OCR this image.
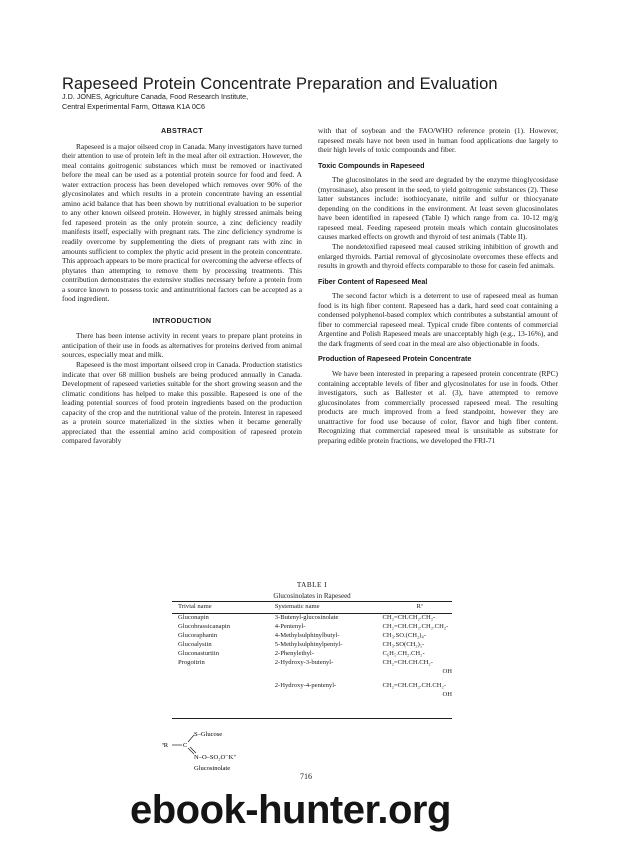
Rapeseed Protein Concentrate Preparation and Evaluation
J.D. JONES, Agriculture Canada, Food Research Institute,
Central Experimental Farm, Ottawa K1A 0C6
ABSTRACT

Rapeseed is a major oilseed crop in Canada. Many investigators have turned their attention to use of protein left in the meal after oil extraction. However, the meal contains goitrogenic substances which must be removed or inactivated before the meal can be used as a potential protein source for food and feed. A water extraction process has been developed which removes over 90% of the glycosinolates and which results in a protein concentrate having an essential amino acid balance that has been shown by nutritional evaluation to be superior to any other known oilseed protein. However, in highly stressed animals being fed rapeseed protein as the only protein source, a zinc deficiency readily manifests itself, especially with pregnant rats. The zinc deficiency syndrome is readily overcome by supplementing the diets of pregnant rats with zinc in amounts sufficient to complex the phytic acid present in the protein concentrate. This approach appears to be more practical for overcoming the adverse effects of phytates than attempting to remove them by processing treatments. This contribution demonstrates the extensive studies necessary before a protein from a source known to possess toxic and antinutritional factors can be accepted as a food ingredient.

INTRODUCTION

There has been intense activity in recent years to prepare plant proteins in anticipation of their use in foods as alternatives for proteins derived from animal sources, especially meat and milk.

Rapeseed is the most important oilseed crop in Canada. Production statistics indicate that over 68 million bushels are being produced annually in Canada. Development of rapeseed varieties suitable for the short growing season and the climatic conditions has helped to make this possible. Rapeseed is one of the leading potential sources of food protein ingredients based on the production capacity of the crop and the nutritional value of the protein. Interest in rapeseed as a protein source materialized in the sixties when it became generally appreciated that the essential amino acid composition of rapeseed protein compared favorably

with that of soybean and the FAO/WHO reference protein (1). However, rapeseed meals have not been used in human food applications due largely to their high levels of toxic compounds and fiber.

Toxic Compounds in Rapeseed

The glucosinolates in the seed are degraded by the enzyme thioglycosidase (myrosinase), also present in the seed, to yield goitrogenic substances (2). These latter substances include: isothiocyanate, nitrile and sulfur or thiocyanate depending on the conditions in the environment. At least seven glucosinolates have been identified in rapeseed (Table I) which range from ca. 10-12 mg/g rapeseed meal. Feeding rapeseed protein meals which contain glucosinolates causes marked effects on growth and thyroid of test animals (Table II).

The nondetoxified rapeseed meal caused striking inhibition of growth and enlarged thyroids. Partial removal of glycosinolate overcomes these effects and results in growth and thyroid effects comparable to those for casein fed animals.

Fiber Content of Rapeseed Meal

The second factor which is a deterrent to use of rapeseed meal as human food is its high fiber content. Rapeseed has a dark, hard seed coat containing a condensed polyphenol-based complex which contributes a substantial amount of fiber to commercial rapeseed meal. Typical crude fibre contents of commercial Argentine and Polish Rapeseed meals are unacceptably high (e.g., 13-16%), and the dark fragments of seed coat in the meal are also objectionable in foods.

Production of Rapeseed Protein Concentrate

We have been interested in preparing a rapeseed protein concentrate (RPC) containing acceptable levels of fiber and glycosinolates for use in foods. Other investigators, such as Ballester et al. (3), have attempted to remove glucosinolates from commercially processed rapeseed meal. The resulting products are much improved from a feed standpoint, however they are unattractive for food use because of color, flavor and high fiber content. Recognizing that commercial rapeseed meal is unsuitable as substrate for preparing edible protein fractions, we developed the FRI-71

TABLE I
Glucosinolates in Rapeseed
Trivial name	Systematic name	Rª
Gluconapin	3-Butenyl-glucosinolate	CH₂=CH.CH₂.CH₂-
Glucobrassicanapin	4-Pentenyl-	CH₂=CH.CH₂.CH₂.CH₂-
Glucoraphanin	4-Methylsulphinylbutyl-	CH₃.SO.(CH₂)₄-
Glucoalysiin	5-Methylsulphinylpentyl-	CH₃.SO(CH₂)₅-
Gluconasturtiin	2-Phenylethyl-	C₆H₅.CH₂.CH₂-
Progoitrin	2-Hydroxy-3-butenyl-	CH₂=CH.CH.CH₂-
		OH

	2-Hydroxy-4-pentenyl-	CH₂=CH.CH₂.CH.CH₂-
		OH
ªR C
S–Glucose
N–O–SO₂O⁻K⁺
Glucosinolate
716
ebook-hunter.org
